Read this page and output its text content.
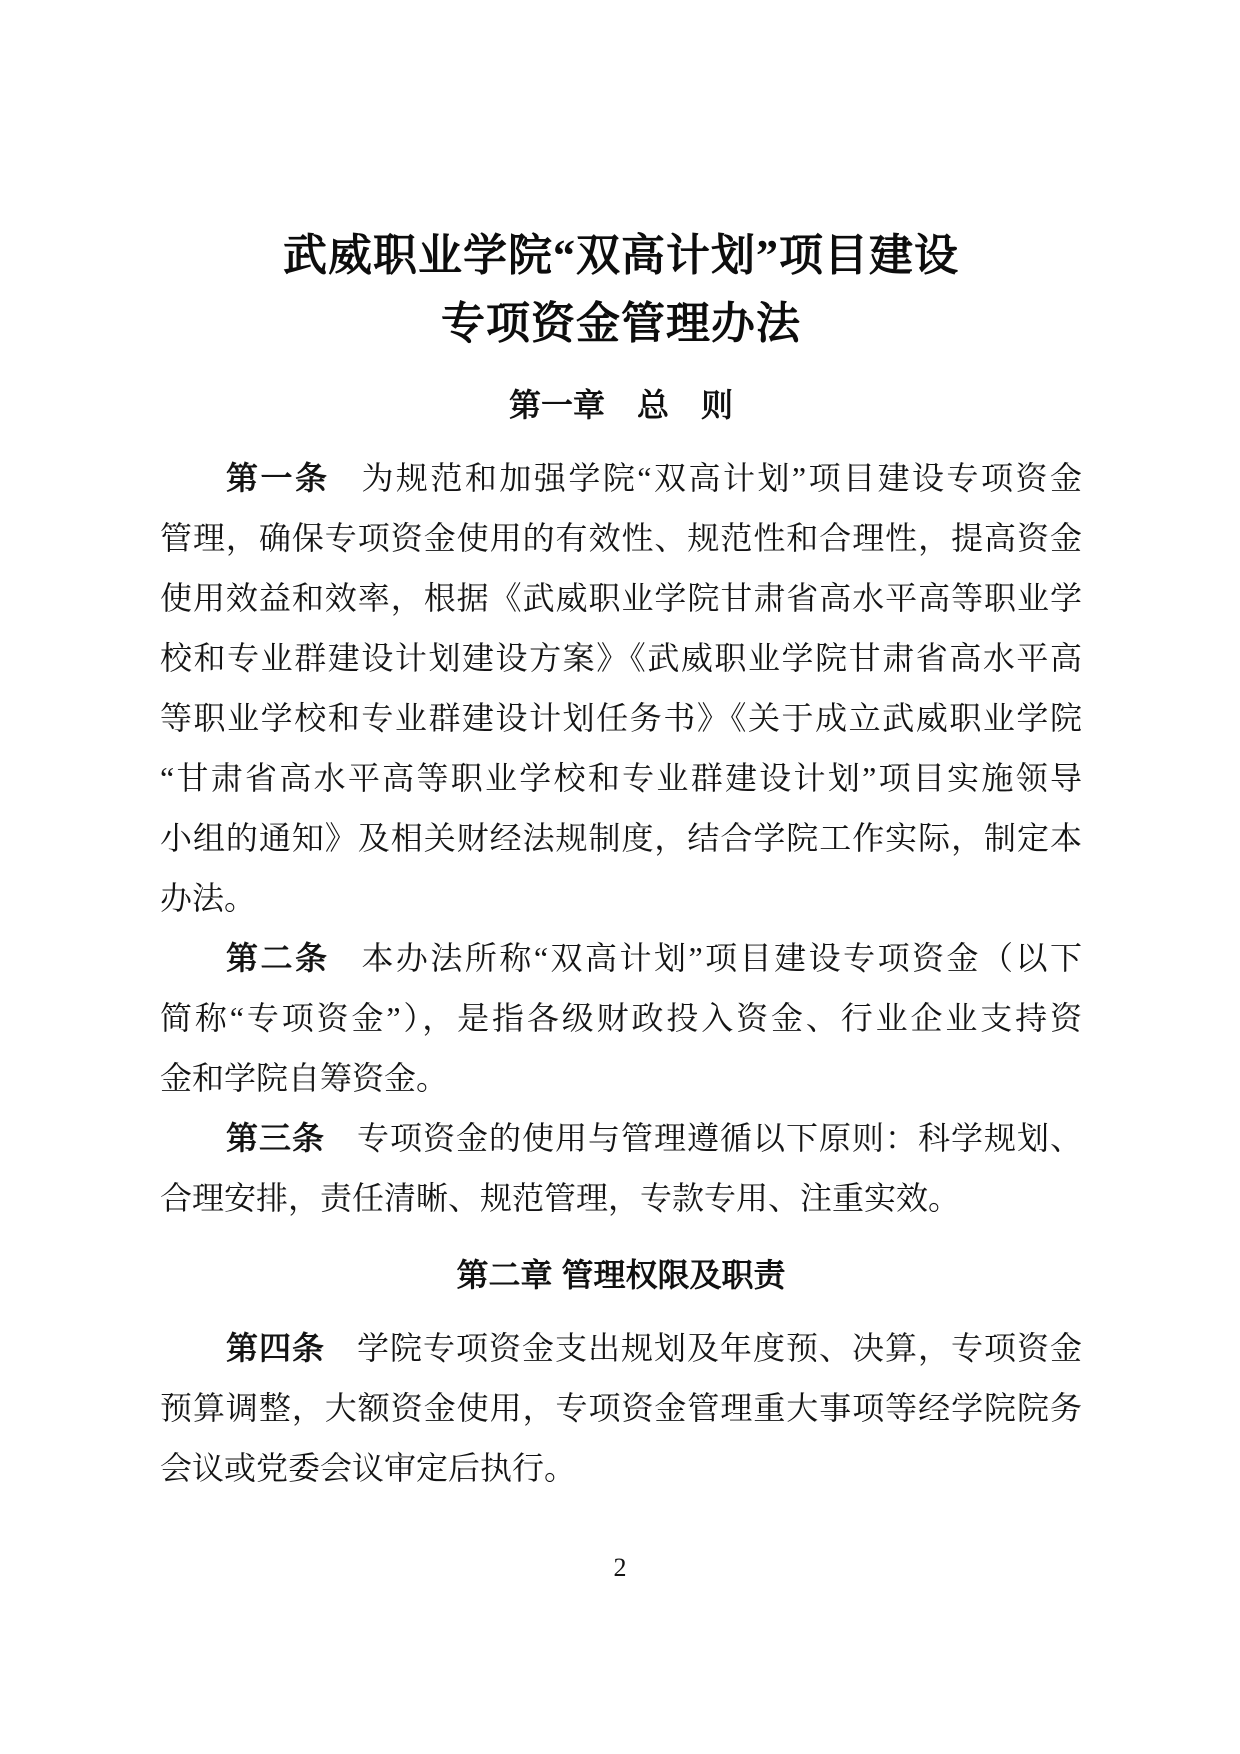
武威职业学院“双高计划”项目建设
专项资金管理办法
第一章　总　则
第一条 为规范和加强学院“双高计划”项目建设专项资金
管理，确保专项资金使用的有效性、规范性和合理性，提高资金
使用效益和效率，根据《武威职业学院甘肃省高水平高等职业学
校和专业群建设计划建设方案》《武威职业学院甘肃省高水平高
等职业学校和专业群建设计划任务书》《关于成立武威职业学院
“甘肃省高水平高等职业学校和专业群建设计划”项目实施领导
小组的通知》及相关财经法规制度，结合学院工作实际，制定本
办法。
第二条 本办法所称“双高计划”项目建设专项资金（以下
简称“专项资金”），是指各级财政投入资金、行业企业支持资
金和学院自筹资金。
第三条 专项资金的使用与管理遵循以下原则：科学规划、
合理安排，责任清晰、规范管理，专款专用、注重实效。
第二章 管理权限及职责
第四条 学院专项资金支出规划及年度预、决算，专项资金
预算调整，大额资金使用，专项资金管理重大事项等经学院院务
会议或党委会议审定后执行。
2
